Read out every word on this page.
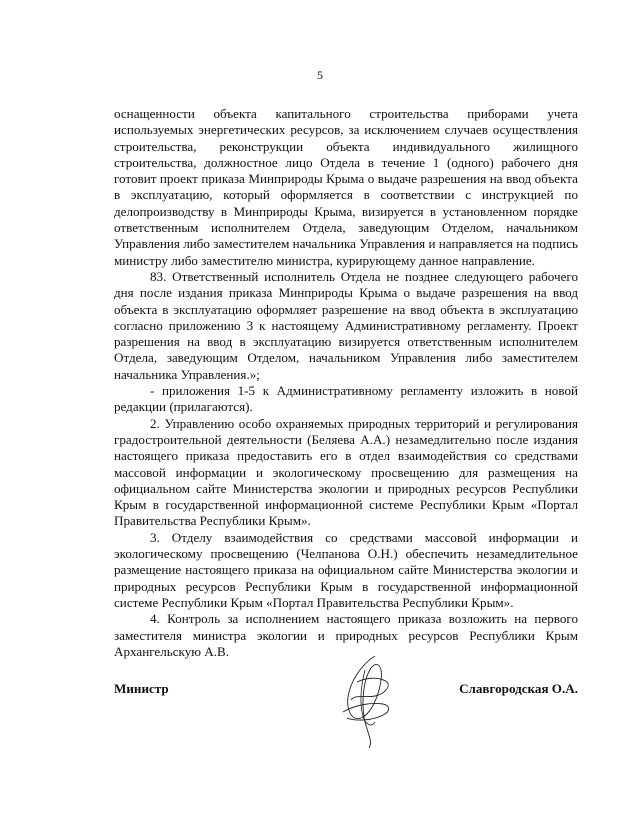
5

оснащенности объекта капитального строительства приборами учета используемых энергетических ресурсов, за исключением случаев осуществления строительства, реконструкции объекта индивидуального жилищного строительства, должностное лицо Отдела в течение 1 (одного) рабочего дня готовит проект приказа Минприроды Крыма о выдаче разрешения на ввод объекта в эксплуатацию, который оформляется в соответствии с инструкцией по делопроизводству в Минприроды Крыма, визируется в установленном порядке ответственным исполнителем Отдела, заведующим Отделом, начальником Управления либо заместителем начальника Управления и направляется на подпись министру либо заместителю министра, курирующему данное направление.

83. Ответственный исполнитель Отдела не позднее следующего рабочего дня после издания приказа Минприроды Крыма о выдаче разрешения на ввод объекта в эксплуатацию оформляет разрешение на ввод объекта в эксплуатацию согласно приложению 3 к настоящему Административному регламенту. Проект разрешения на ввод в эксплуатацию визируется ответственным исполнителем Отдела, заведующим Отделом, начальником Управления либо заместителем начальника Управления.»;

- приложения 1-5 к Административному регламенту изложить в новой редакции (прилагаются).

2. Управлению особо охраняемых природных территорий и регулирования градостроительной деятельности (Беляева А.А.) незамедлительно после издания настоящего приказа предоставить его в отдел взаимодействия со средствами массовой информации и экологическому просвещению для размещения на официальном сайте Министерства экологии и природных ресурсов Республики Крым в государственной информационной системе Республики Крым «Портал Правительства Республики Крым».

3. Отделу взаимодействия со средствами массовой информации и экологическому просвещению (Челпанова О.Н.) обеспечить незамедлительное размещение настоящего приказа на официальном сайте Министерства экологии и природных ресурсов Республики Крым в государственной информационной системе Республики Крым «Портал Правительства Республики Крым».

4. Контроль за исполнением настоящего приказа возложить на первого заместителя министра экологии и природных ресурсов Республики Крым Архангельскую А.В.

Министр	Славгородская О.А.
